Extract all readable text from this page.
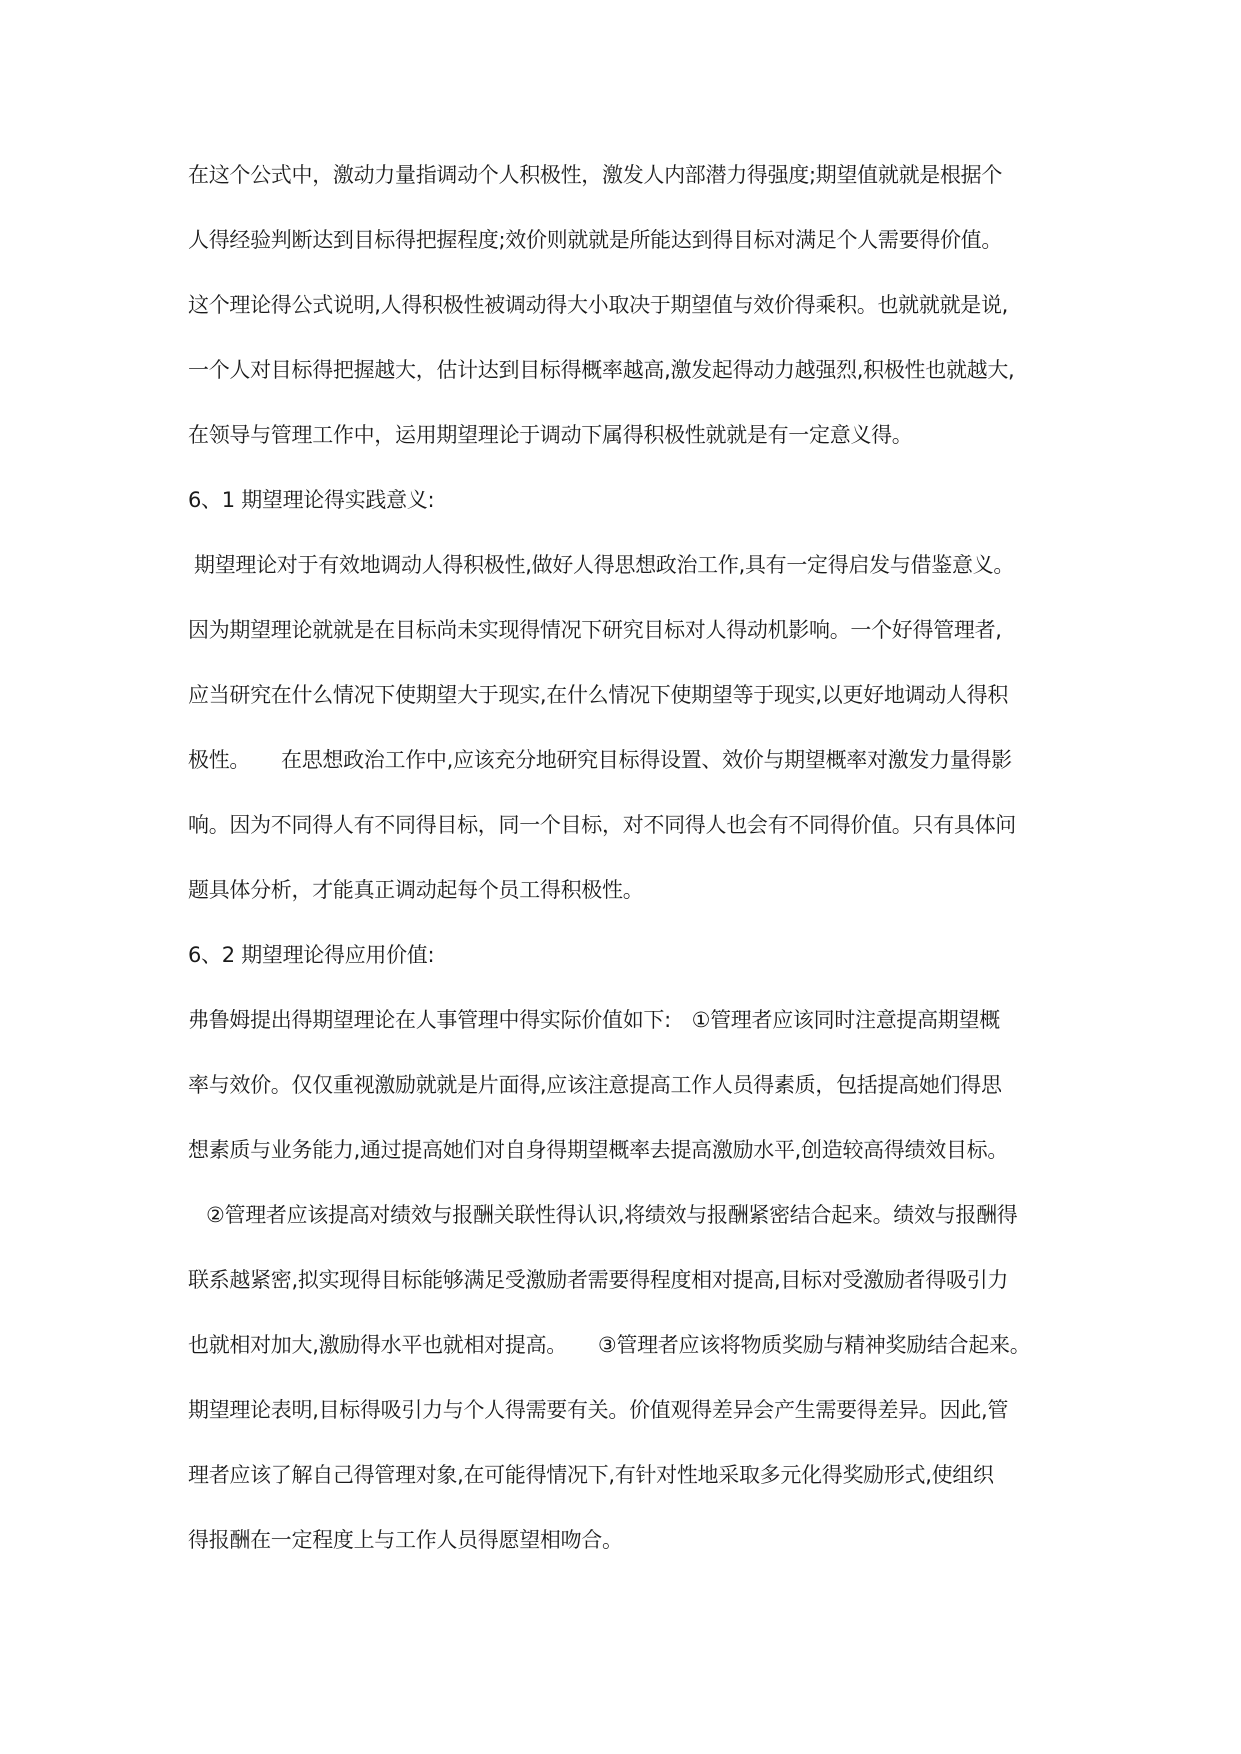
在这个公式中，激动力量指调动个人积极性，激发人内部潜力得强度;期望值就就是根据个
人得经验判断达到目标得把握程度;效价则就就是所能达到得目标对满足个人需要得价值。
这个理论得公式说明,人得积极性被调动得大小取决于期望值与效价得乘积。也就就就是说,
一个人对目标得把握越大，估计达到目标得概率越高,激发起得动力越强烈,积极性也就越大,
在领导与管理工作中，运用期望理论于调动下属得积极性就就是有一定意义得。
6、1 期望理论得实践意义:
期望理论对于有效地调动人得积极性,做好人得思想政治工作,具有一定得启发与借鉴意义。
因为期望理论就就是在目标尚未实现得情况下研究目标对人得动机影响。一个好得管理者,
应当研究在什么情况下使期望大于现实,在什么情况下使期望等于现实,以更好地调动人得积
极性。　　在思想政治工作中,应该充分地研究目标得设置、效价与期望概率对激发力量得影
响。因为不同得人有不同得目标，同一个目标，对不同得人也会有不同得价值。只有具体问
题具体分析，才能真正调动起每个员工得积极性。
6、2 期望理论得应用价值:
弗鲁姆提出得期望理论在人事管理中得实际价值如下:　①管理者应该同时注意提高期望概
率与效价。仅仅重视激励就就是片面得,应该注意提高工作人员得素质，包括提高她们得思
想素质与业务能力,通过提高她们对自身得期望概率去提高激励水平,创造较高得绩效目标。
②管理者应该提高对绩效与报酬关联性得认识,将绩效与报酬紧密结合起来。绩效与报酬得
联系越紧密,拟实现得目标能够满足受激励者需要得程度相对提高,目标对受激励者得吸引力
也就相对加大,激励得水平也就相对提高。　　③管理者应该将物质奖励与精神奖励结合起来。
期望理论表明,目标得吸引力与个人得需要有关。价值观得差异会产生需要得差异。因此,管
理者应该了解自己得管理对象,在可能得情况下,有针对性地采取多元化得奖励形式,使组织
得报酬在一定程度上与工作人员得愿望相吻合。
